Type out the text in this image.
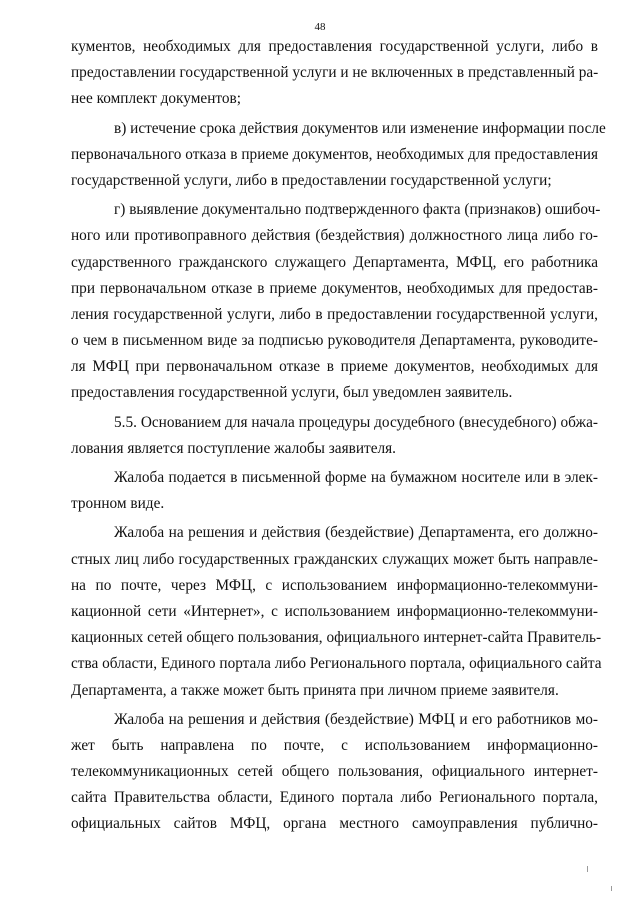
48
кументов, необходимых для предоставления государственной услуги, либо в
предоставлении государственной услуги и не включенных в представленный ра-
нее комплект документов;
в) истечение срока действия документов или изменение информации после
первоначального отказа в приеме документов, необходимых для предоставления
государственной услуги, либо в предоставлении государственной услуги;
г) выявление документально подтвержденного факта (признаков) ошибоч-
ного или противоправного действия (бездействия) должностного лица либо го-
сударственного гражданского служащего Департамента, МФЦ, его работника
при первоначальном отказе в приеме документов, необходимых для предостав-
ления государственной услуги, либо в предоставлении государственной услуги,
о чем в письменном виде за подписью руководителя Департамента, руководите-
ля МФЦ при первоначальном отказе в приеме документов, необходимых для
предоставления государственной услуги, был уведомлен заявитель.
5.5. Основанием для начала процедуры досудебного (внесудебного) обжа-
лования является поступление жалобы заявителя.
Жалоба подается в письменной форме на бумажном носителе или в элек-
тронном виде.
Жалоба на решения и действия (бездействие) Департамента, его должно-
стных лиц либо государственных гражданских служащих может быть направле-
на по почте, через МФЦ, с использованием информационно-телекоммуни-
кационной сети «Интернет», с использованием информационно-телекоммуни-
кационных сетей общего пользования, официального интернет-сайта Правитель-
ства области, Единого портала либо Регионального портала, официального сайта
Департамента, а также может быть принята при личном приеме заявителя.
Жалоба на решения и действия (бездействие) МФЦ и его работников мо-
жет быть направлена по почте, с использованием информационно-
телекоммуникационных сетей общего пользования, официального интернет-
сайта Правительства области, Единого портала либо Регионального портала,
официальных сайтов МФЦ, органа местного самоуправления публично-
